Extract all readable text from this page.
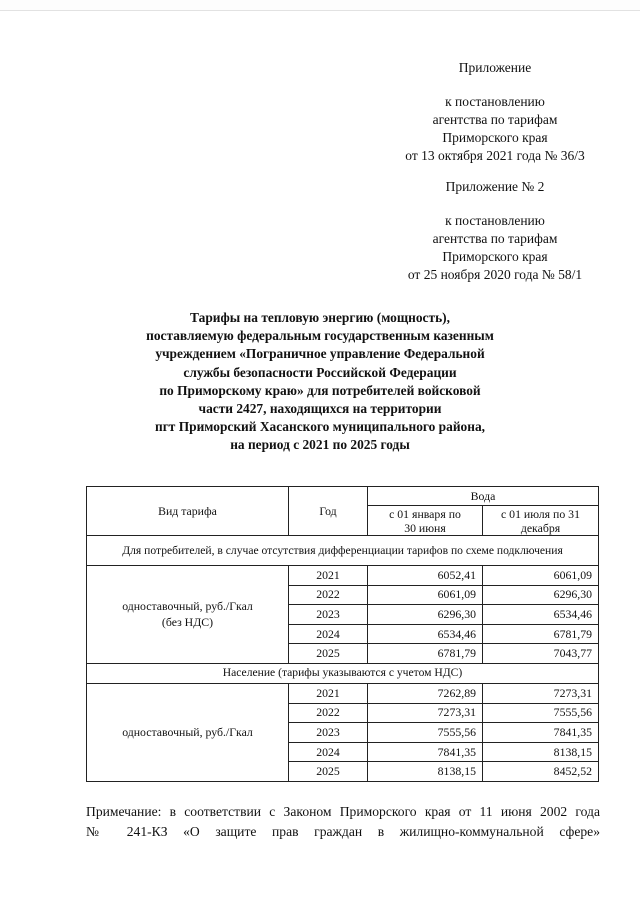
Приложение
к постановлению
агентства по тарифам
Приморского края
от 13 октября 2021 года № 36/3
Приложение № 2
к постановлению
агентства по тарифам
Приморского края
от 25 ноября 2020 года № 58/1
Тарифы на тепловую энергию (мощность),
поставляемую федеральным государственным казенным
учреждением «Пограничное управление Федеральной
службы безопасности Российской Федерации
по Приморскому краю» для потребителей войсковой
части 2427, находящихся на территории
пгт Приморский Хасанского муниципального района,
на период с 2021 по 2025 годы
Вид тарифа	Год	Вода	

		с 01 января по 30 июня	с 01 июля по 31 декабря

Для потребителей, в случае отсутствия дифференциации тарифов по схеме подключения			

одноставочный, руб./Гкал (без НДС)	2021	6052,41	6061,09
	2022	6061,09	6296,30
	2023	6296,30	6534,46
	2024	6534,46	6781,79
	2025	6781,79	7043,77
Население (тарифы указываются с учетом НДС)			
одноставочный, руб./Гкал	2021	7262,89	7273,31
	2022	7273,31	7555,56
	2023	7555,56	7841,35
	2024	7841,35	8138,15
	2025	8138,15	8452,52
Примечание: в соответствии с Законом Приморского края от 11 июня 2002 года
№ 241-КЗ «О защите прав граждан в жилищно-коммунальной сфере»
